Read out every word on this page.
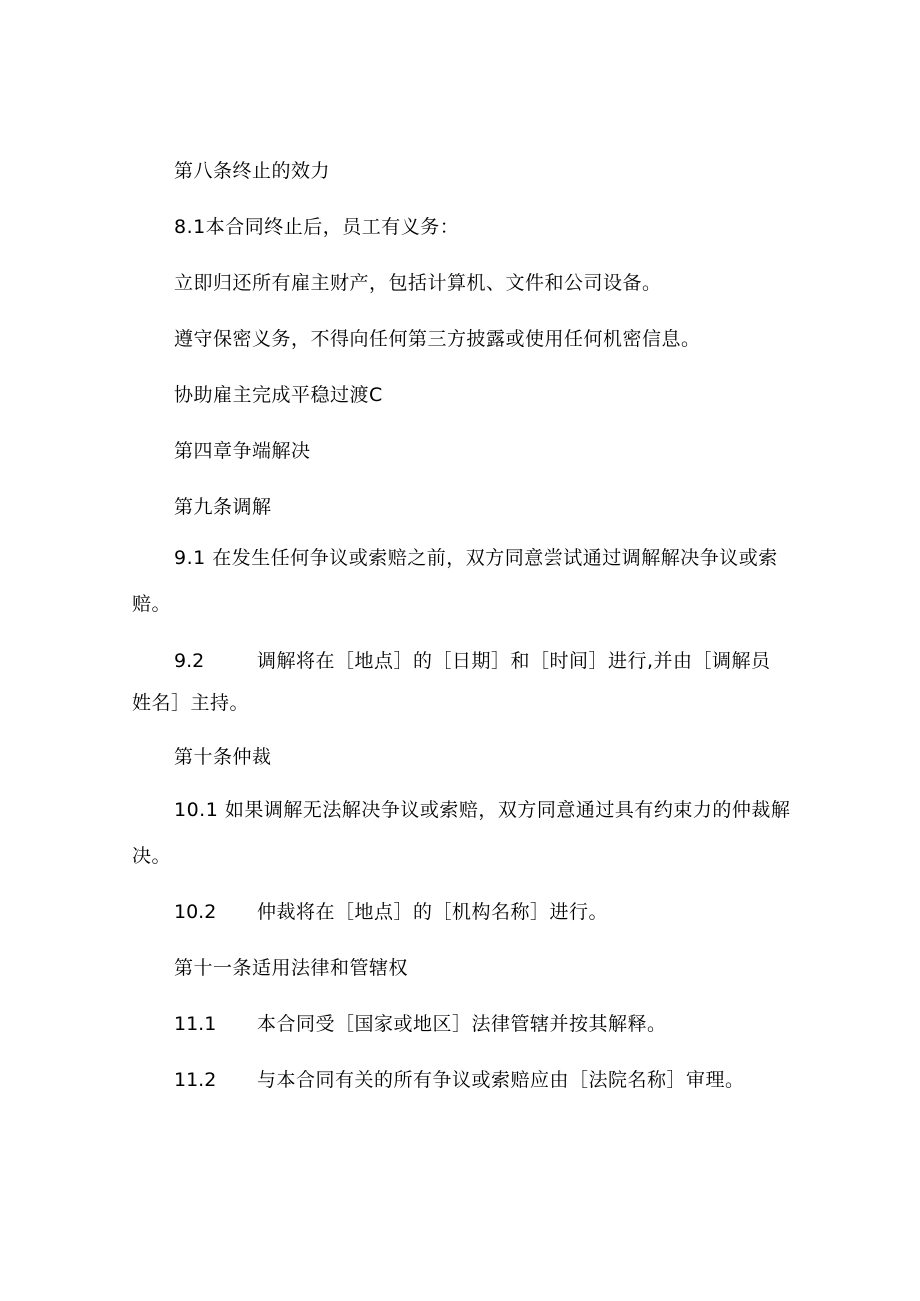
第八条终止的效力
8.1本合同终止后，员工有义务：
立即归还所有雇主财产，包括计算机、文件和公司设备。
遵守保密义务，不得向任何第三方披露或使用任何机密信息。
协助雇主完成平稳过渡C
第四章争端解决
第九条调解

9.1 在发生任何争议或索赔之前，双方同意尝试通过调解解决争议或索赔。

9.2	调解将在［地点］的［日期］和［时间］进行,并由［调解员
姓名］主持。
第十条仲裁

10.1 如果调解无法解决争议或索赔，双方同意通过具有约束力的仲裁解决。

10.2 仲裁将在［地点］的［机构名称］进行。
第十一条适用法律和管辖权
11.1 本合同受［国家或地区］法律管辖并按其解释。
11.2 与本合同有关的所有争议或索赔应由［法院名称］审理。
